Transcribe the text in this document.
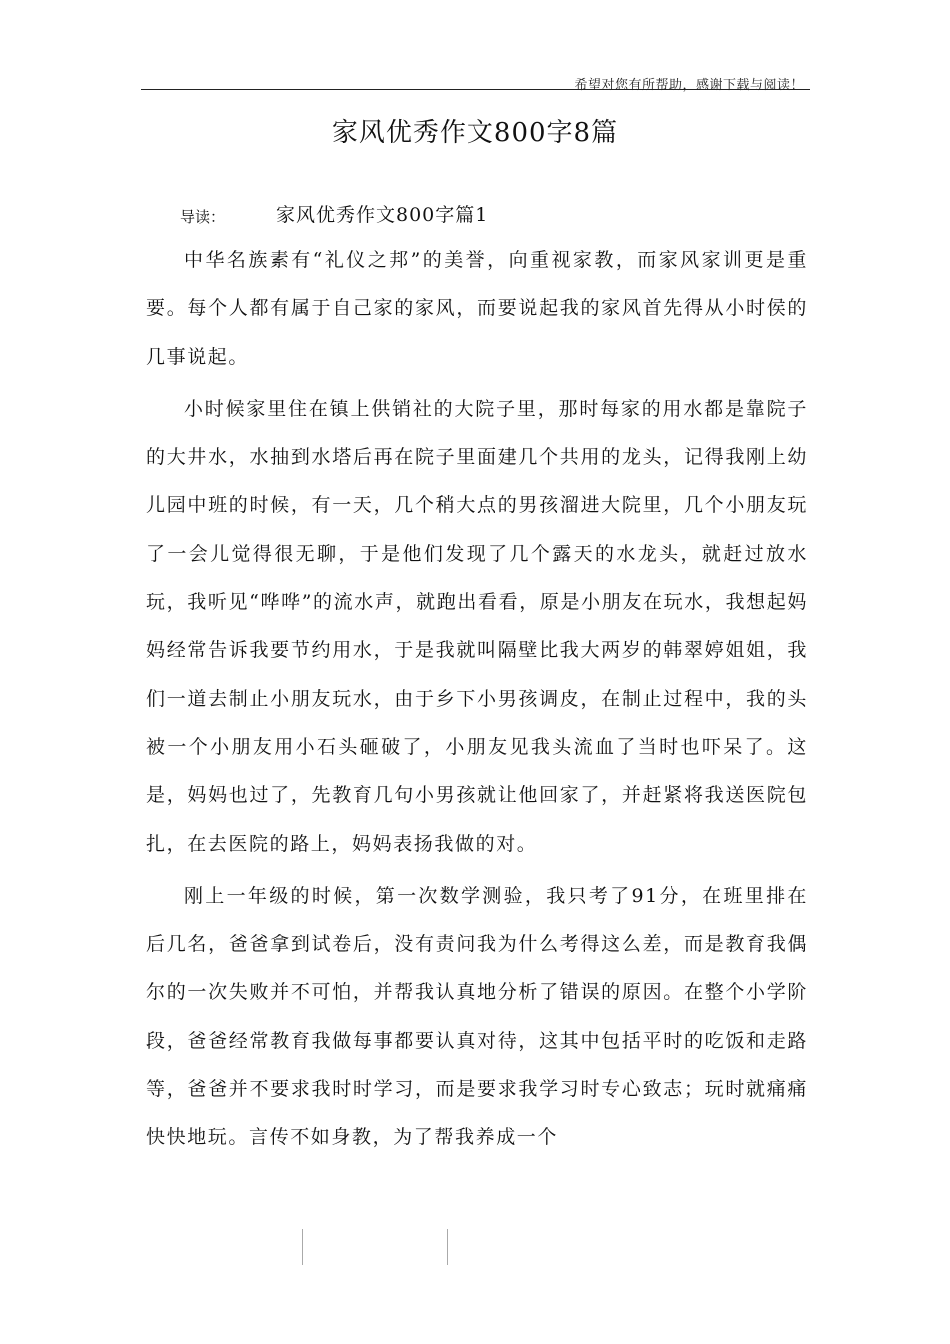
希望对您有所帮助，感谢下载与阅读！
家风优秀作文800字8篇
导读：	家风优秀作文800字篇1

中华名族素有“礼仪之邦”的美誉，向重视家教，而家风家训更是重要。每个人都有属于自己家的家风，而要说起我的家风首先得从小时侯的几事说起。

小时候家里住在镇上供销社的大院子里，那时每家的用水都是靠院子的大井水，水抽到水塔后再在院子里面建几个共用的龙头，记得我刚上幼儿园中班的时候，有一天，几个稍大点的男孩溜进大院里，几个小朋友玩了一会儿觉得很无聊，于是他们发现了几个露天的水龙头，就赶过放水玩，我听见“哗哗”的流水声，就跑出看看，原是小朋友在玩水，我想起妈妈经常告诉我要节约用水，于是我就叫隔壁比我大两岁的韩翠婷姐姐，我们一道去制止小朋友玩水，由于乡下小男孩调皮，在制止过程中，我的头被一个小朋友用小石头砸破了，小朋友见我头流血了当时也吓呆了。这是，妈妈也过了，先教育几句小男孩就让他回家了，并赶紧将我送医院包扎，在去医院的路上，妈妈表扬我做的对。

刚上一年级的时候，第一次数学测验，我只考了91分，在班里排在后几名，爸爸拿到试卷后，没有责问我为什么考得这么差，而是教育我偶尔的一次失败并不可怕，并帮我认真地分析了错误的原因。在整个小学阶段，爸爸经常教育我做每事都要认真对待，这其中包括平时的吃饭和走路等，爸爸并不要求我时时学习，而是要求我学习时专心致志；玩时就痛痛快快地玩。言传不如身教，为了帮我养成一个
